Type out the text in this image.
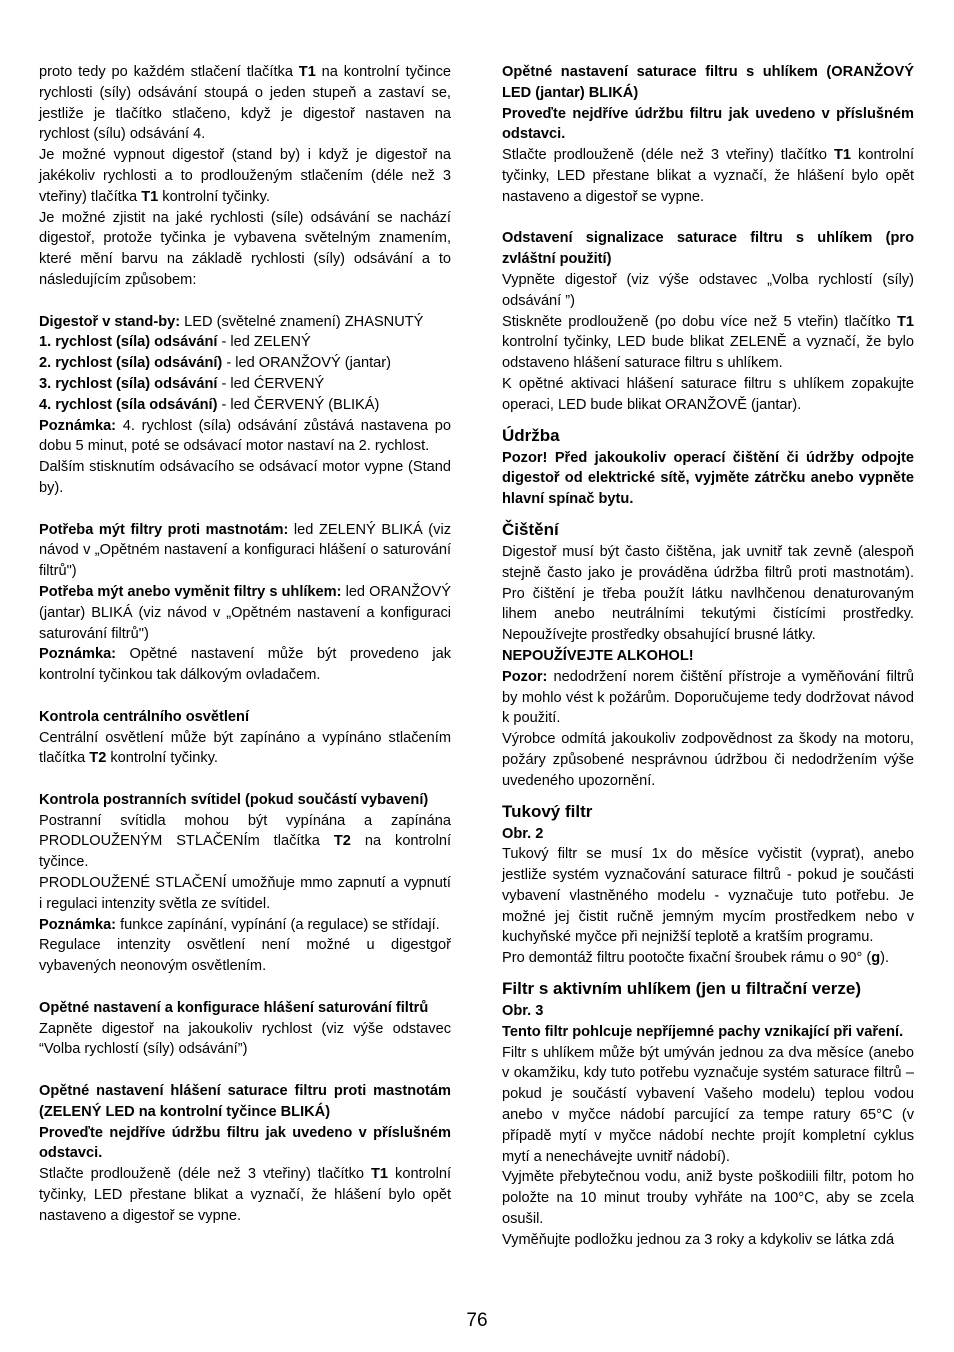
proto tedy po každém stlačení tlačítka T1 na kontrolní tyčince rychlosti (síly) odsávání stoupá o jeden stupeň a zastaví se, jestliže je tlačítko stlačeno, když je digestoř nastaven na rychlost (sílu) odsávání 4.

Je možné vypnout digestoř (stand by) i když je digestoř na jakékoliv rychlosti a to prodlouženým stlačením (déle než 3 vteřiny) tlačítka T1 kontrolní tyčinky.

Je možné zjistit na jaké rychlosti (síle) odsávání se nachází digestoř, protože tyčinka je vybavena světelným znamením, které mění barvu na základě rychlosti (síly) odsávání a to následujícím způsobem:

Digestoř v stand-by: LED (světelné znamení) ZHASNUTÝ

1. rychlost (síla) odsávání - led ZELENÝ

2. rychlost (síla) odsávání) - led ORANŽOVÝ (jantar)

3. rychlost (síla) odsávání - led ĆERVENÝ

4. rychlost (síla odsávání) - led ČERVENÝ (BLIKÁ)

Poznámka: 4. rychlost (síla) odsávání zůstává nastavena po dobu 5 minut, poté se odsávací motor nastaví na 2. rychlost.

Dalším stisknutím odsávacího se odsávací motor vypne (Stand by).

Potřeba mýt filtry proti mastnotám: led ZELENÝ BLIKÁ (viz návod v „Opětném nastavení a konfiguraci hlášení o saturování filtrů")

Potřeba mýt anebo vyměnit filtry s uhlíkem: led ORANŽOVÝ (jantar) BLIKÁ (viz návod v „Opětném nastavení a konfiguraci saturování filtrů")

Poznámka: Opětné nastavení může být provedeno jak kontrolní tyčinkou tak dálkovým ovladačem.

Kontrola centrálního osvětlení

Centrální osvětlení může být zapínáno a vypínáno stlačením tlačítka T2 kontrolní tyčinky.

Kontrola postranních svítidel (pokud součástí vybavení)

Postranní svítidla mohou být vypínána a zapínána PRODLOUŽENÝM STLAČENÍm tlačítka T2 na kontrolní tyčince.

PRODLOUŽENÉ STLAČENÍ umožňuje mmo zapnutí a vypnutí i regulaci intenzity světla ze svítidel.

Poznámka: funkce zapínání, vypínání (a regulace) se střídají.

Regulace intenzity osvětlení není možné u digestgoř vybavených neonovým osvětlením.

Opětné nastavení a konfigurace hlášení saturování filtrů

Zapněte digestoř na jakoukoliv rychlost (viz výše odstavec “Volba rychlostí (síly) odsávání”)

Opětné nastavení hlášení saturace filtru proti mastnotám (ZELENÝ LED na kontrolní tyčince BLIKÁ)

Proveďte nejdříve údržbu filtru jak uvedeno v příslušném odstavci.

Stlačte prodlouženě (déle než 3 vteřiny) tlačítko T1 kontrolní tyčinky, LED přestane blikat a vyznačí, že hlášení bylo opět nastaveno a digestoř se vypne.

Opětné nastavení saturace filtru s uhlíkem (ORANŽOVÝ LED (jantar) BLIKÁ)

Proveďte nejdříve údržbu filtru jak uvedeno v příslušném odstavci.

Stlačte prodlouženě (déle než 3 vteřiny) tlačítko T1 kontrolní tyčinky, LED přestane blikat a vyznačí, že hlášení bylo opět nastaveno a digestoř se vypne.

Odstavení signalizace saturace filtru s uhlíkem (pro zvláštní použití)

Vypněte digestoř (viz výše odstavec „Volba rychlostí (síly) odsávání ”)

Stiskněte prodlouženě (po dobu více než 5 vteřin) tlačítko T1 kontrolní tyčinky, LED bude blikat ZELENĚ a vyznačí, že bylo odstaveno hlášení saturace filtru s uhlíkem.

K opětné aktivaci hlášení saturace filtru s uhlíkem zopakujte operaci, LED bude blikat ORANŽOVĚ (jantar).

Údržba

Pozor! Před jakoukoliv operací čištění či údržby odpojte digestoř od elektrické sítě, vyjměte zátrčku anebo vypněte hlavní spínač bytu.

Čištění

Digestoř musí být často čištěna, jak uvnitř tak zevně (alespoň stejně často jako je prováděna údržba filtrů proti mastnotám). Pro čištění je třeba použít látku navlhčenou denaturovaným lihem anebo neutrálními tekutými čistícími prostředky. Nepoužívejte prostředky obsahující brusné látky.

NEPOUŽÍVEJTE ALKOHOL!

Pozor: nedodržení norem čištění přístroje a vyměňování filtrů by mohlo vést k požárům. Doporučujeme tedy dodržovat návod k použití.

Výrobce odmítá jakoukoliv zodpovědnost za škody na motoru, požáry způsobené nesprávnou údržbou či nedodržením výše uvedeného upozornění.

Tukový filtr

Obr. 2

Tukový filtr se musí 1x do měsíce vyčistit (vyprat), anebo jestliže systém vyznačování saturace filtrů - pokud je součásti vybavení vlastněného modelu - vyznačuje tuto potřebu. Je možné jej čistit ručně jemným mycím prostředkem nebo v kuchyňské myčce při nejnižší teplotě a kratším programu.

Pro demontáž filtru pootočte fixační šroubek rámu o 90° (g).

Filtr s aktivním uhlíkem (jen u filtrační verze)

Obr. 3

Tento filtr pohlcuje nepříjemné pachy vznikající při vaření.

Filtr s uhlíkem může být umýván jednou za dva měsíce (anebo v okamžiku, kdy tuto potřebu vyznačuje systém saturace filtrů – pokud je součástí vybavení Vašeho modelu) teplou vodou anebo v myčce nádobí parcující za tempe ratury 65°C (v případě mytí v myčce nádobí nechte projít kompletní cyklus mytí a nenechávejte uvnitř nádobí).

Vyjměte přebytečnou vodu, aniž byste poškodiili filtr, potom ho položte na 10 minut trouby vyhřáte na 100°C, aby se zcela osušil.

Vyměňujte podložku jednou za 3 roky a kdykoliv se látka zdá

76
